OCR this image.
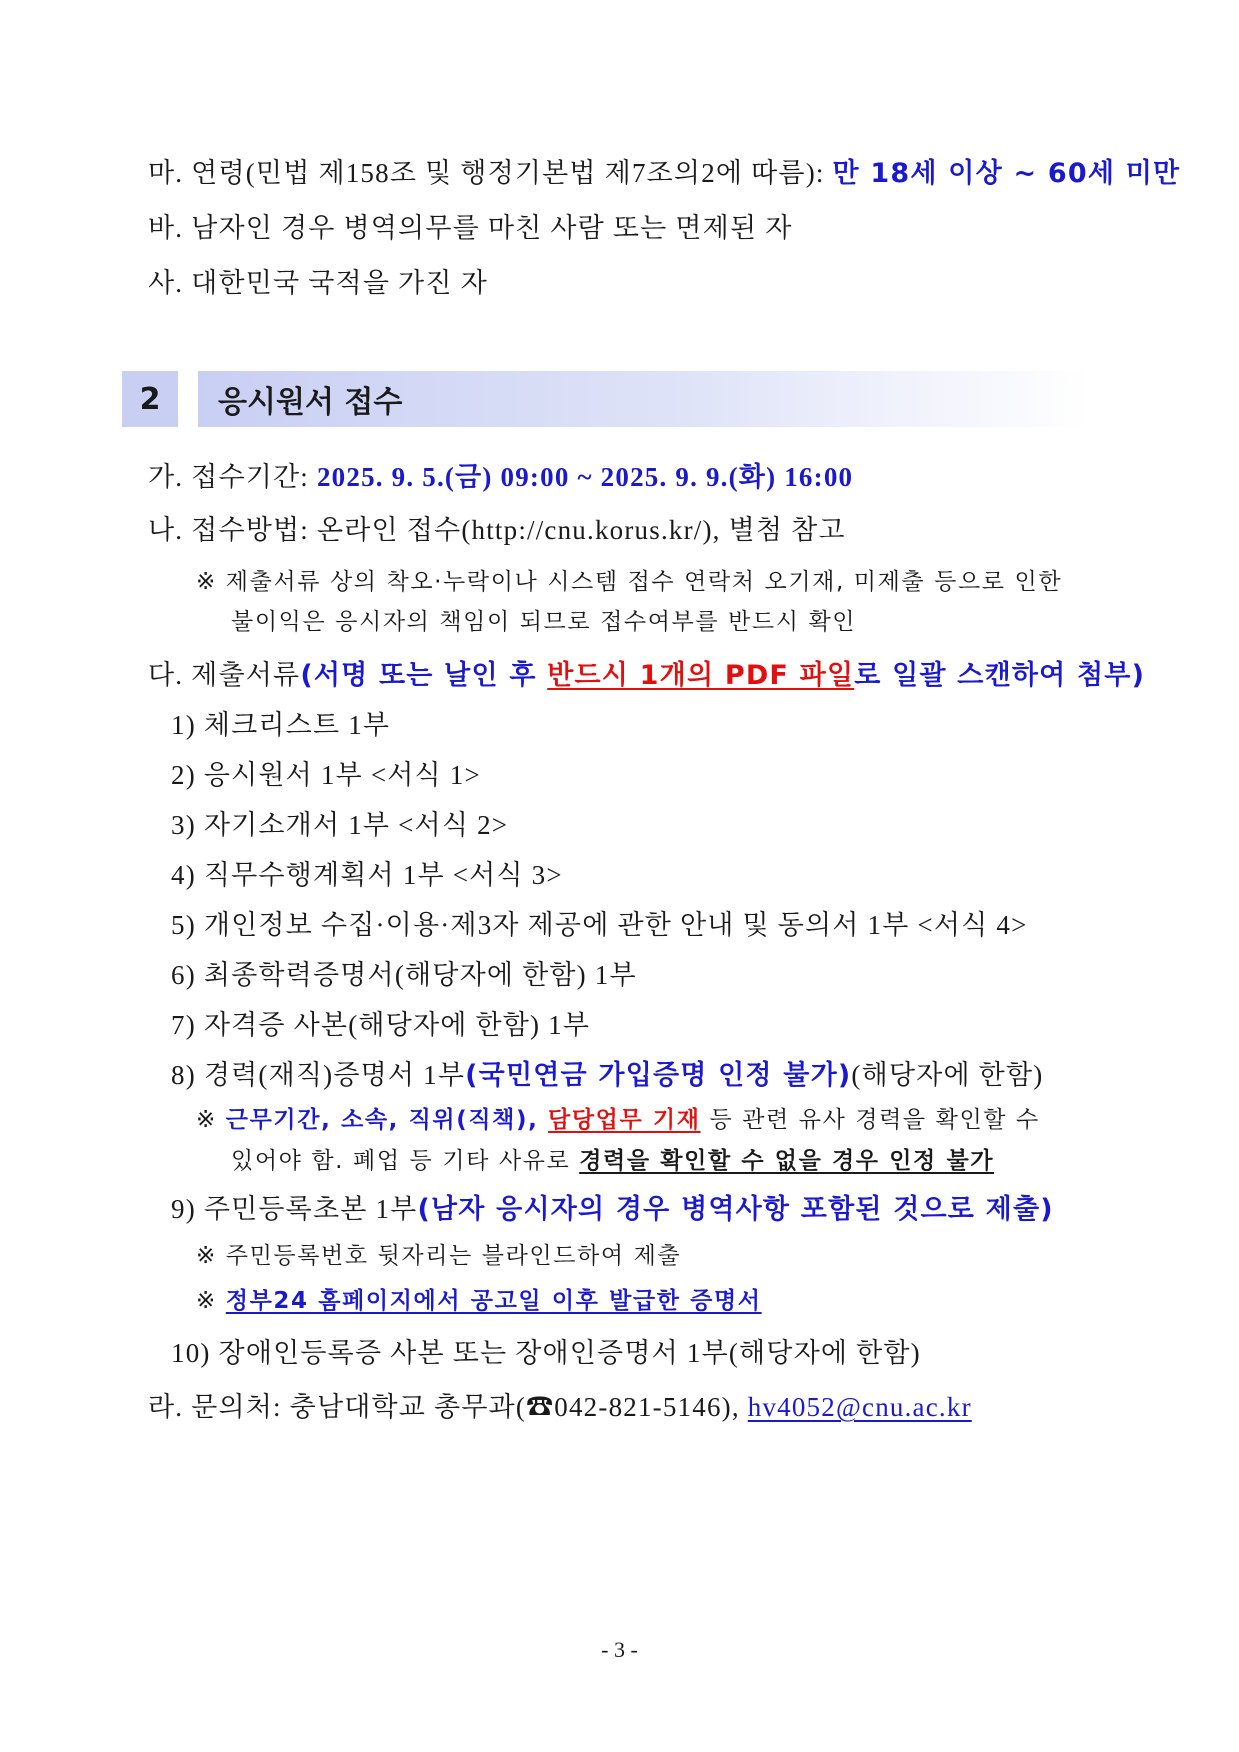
마. 연령(민법 제158조 및 행정기본법 제7조의2에 따름): 만 18세 이상 ~ 60세 미만
바. 남자인 경우 병역의무를 마친 사람 또는 면제된 자
사. 대한민국 국적을 가진 자
2	응시원서 접수
가. 접수기간: 2025. 9. 5.(금) 09:00 ~ 2025. 9. 9.(화) 16:00
나. 접수방법: 온라인 접수(http://cnu.korus.kr/), 별첨 참고
※ 제출서류 상의 착오·누락이나 시스템 접수 연락처 오기재, 미제출 등으로 인한
불이익은 응시자의 책임이 되므로 접수여부를 반드시 확인
다. 제출서류(서명 또는 날인 후 반드시 1개의 PDF 파일로 일괄 스캔하여 첨부)
1) 체크리스트 1부
2) 응시원서 1부 <서식 1>
3) 자기소개서 1부 <서식 2>
4) 직무수행계획서 1부 <서식 3>
5) 개인정보 수집·이용·제3자 제공에 관한 안내 및 동의서 1부 <서식 4>
6) 최종학력증명서(해당자에 한함) 1부
7) 자격증 사본(해당자에 한함) 1부
8) 경력(재직)증명서 1부(국민연금 가입증명 인정 불가)(해당자에 한함)
※ 근무기간, 소속, 직위(직책), 담당업무 기재 등 관련 유사 경력을 확인할 수
있어야 함. 폐업 등 기타 사유로 경력을 확인할 수 없을 경우 인정 불가
9) 주민등록초본 1부(남자 응시자의 경우 병역사항 포함된 것으로 제출)
※ 주민등록번호 뒷자리는 블라인드하여 제출
※ 정부24 홈페이지에서 공고일 이후 발급한 증명서
10) 장애인등록증 사본 또는 장애인증명서 1부(해당자에 한함)
라. 문의처: 충남대학교 총무과(☎042-821-5146), hv4052@cnu.ac.kr
- 3 -
